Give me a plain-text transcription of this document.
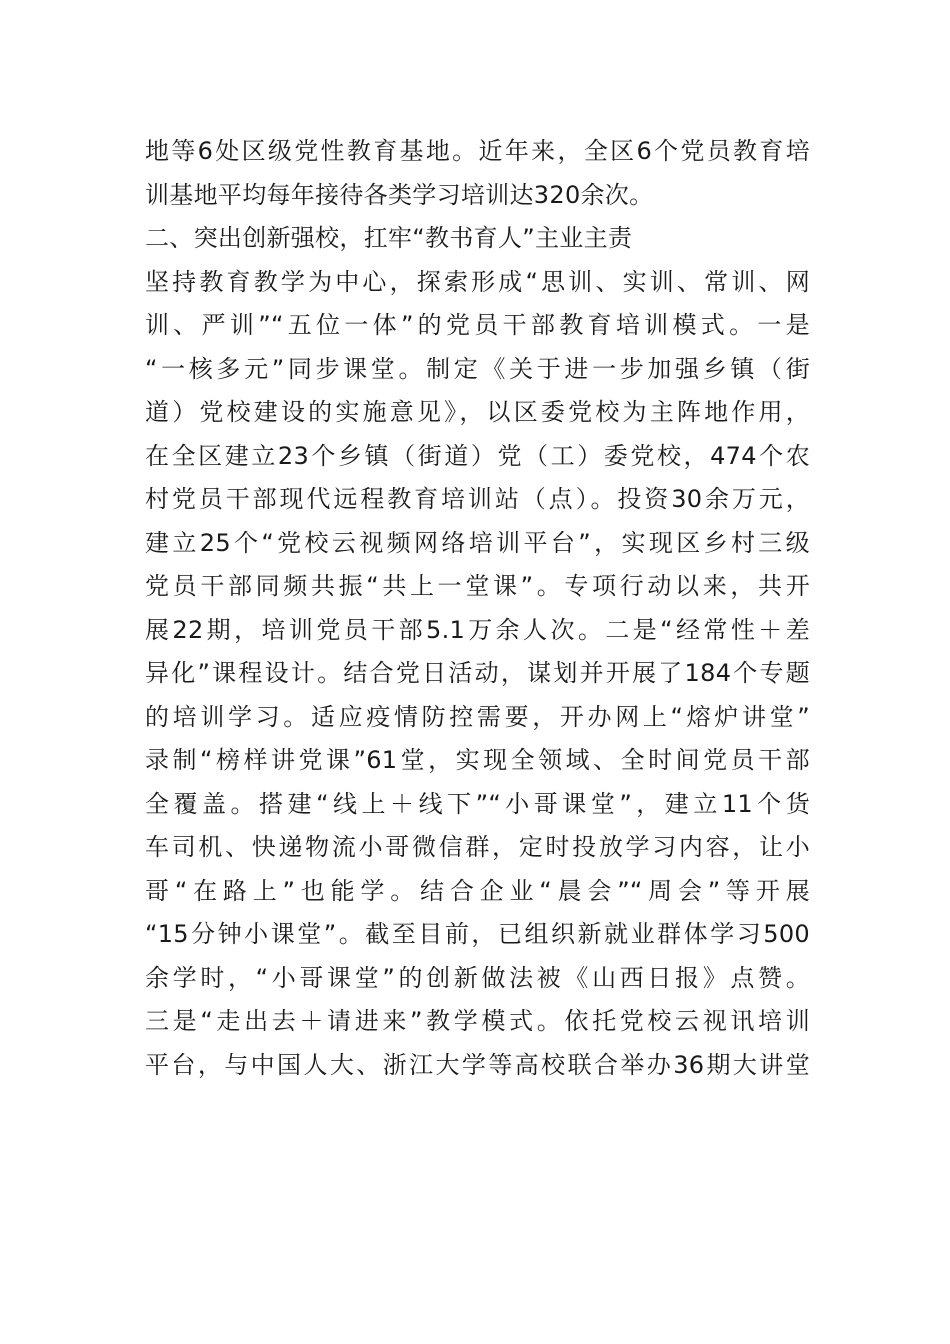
地等6处区级党性教育基地。近年来，全区6个党员教育培
训基地平均每年接待各类学习培训达320余次。
二、突出创新强校，扛牢“教书育人”主业主责
坚持教育教学为中心，探索形成“思训、实训、常训、网
训、严训”“五位一体”的党员干部教育培训模式。一是
“一核多元”同步课堂。制定《关于进一步加强乡镇（街
道）党校建设的实施意见》，以区委党校为主阵地作用，
在全区建立23个乡镇（街道）党（工）委党校，474个农
村党员干部现代远程教育培训站（点）。投资30余万元，
建立25个“党校云视频网络培训平台”，实现区乡村三级
党员干部同频共振“共上一堂课”。专项行动以来，共开
展22期，培训党员干部5.1万余人次。二是“经常性＋差
异化”课程设计。结合党日活动，谋划并开展了184个专题
的培训学习。适应疫情防控需要，开办网上“熔炉讲堂”
录制“榜样讲党课”61堂，实现全领域、全时间党员干部
全覆盖。搭建“线上＋线下”“小哥课堂”，建立11个货
车司机、快递物流小哥微信群，定时投放学习内容，让小
哥“在路上”也能学。结合企业“晨会”“周会”等开展
“15分钟小课堂”。截至目前，已组织新就业群体学习500
余学时，“小哥课堂”的创新做法被《山西日报》点赞。
三是“走出去＋请进来”教学模式。依托党校云视讯培训
平台，与中国人大、浙江大学等高校联合举办36期大讲堂
